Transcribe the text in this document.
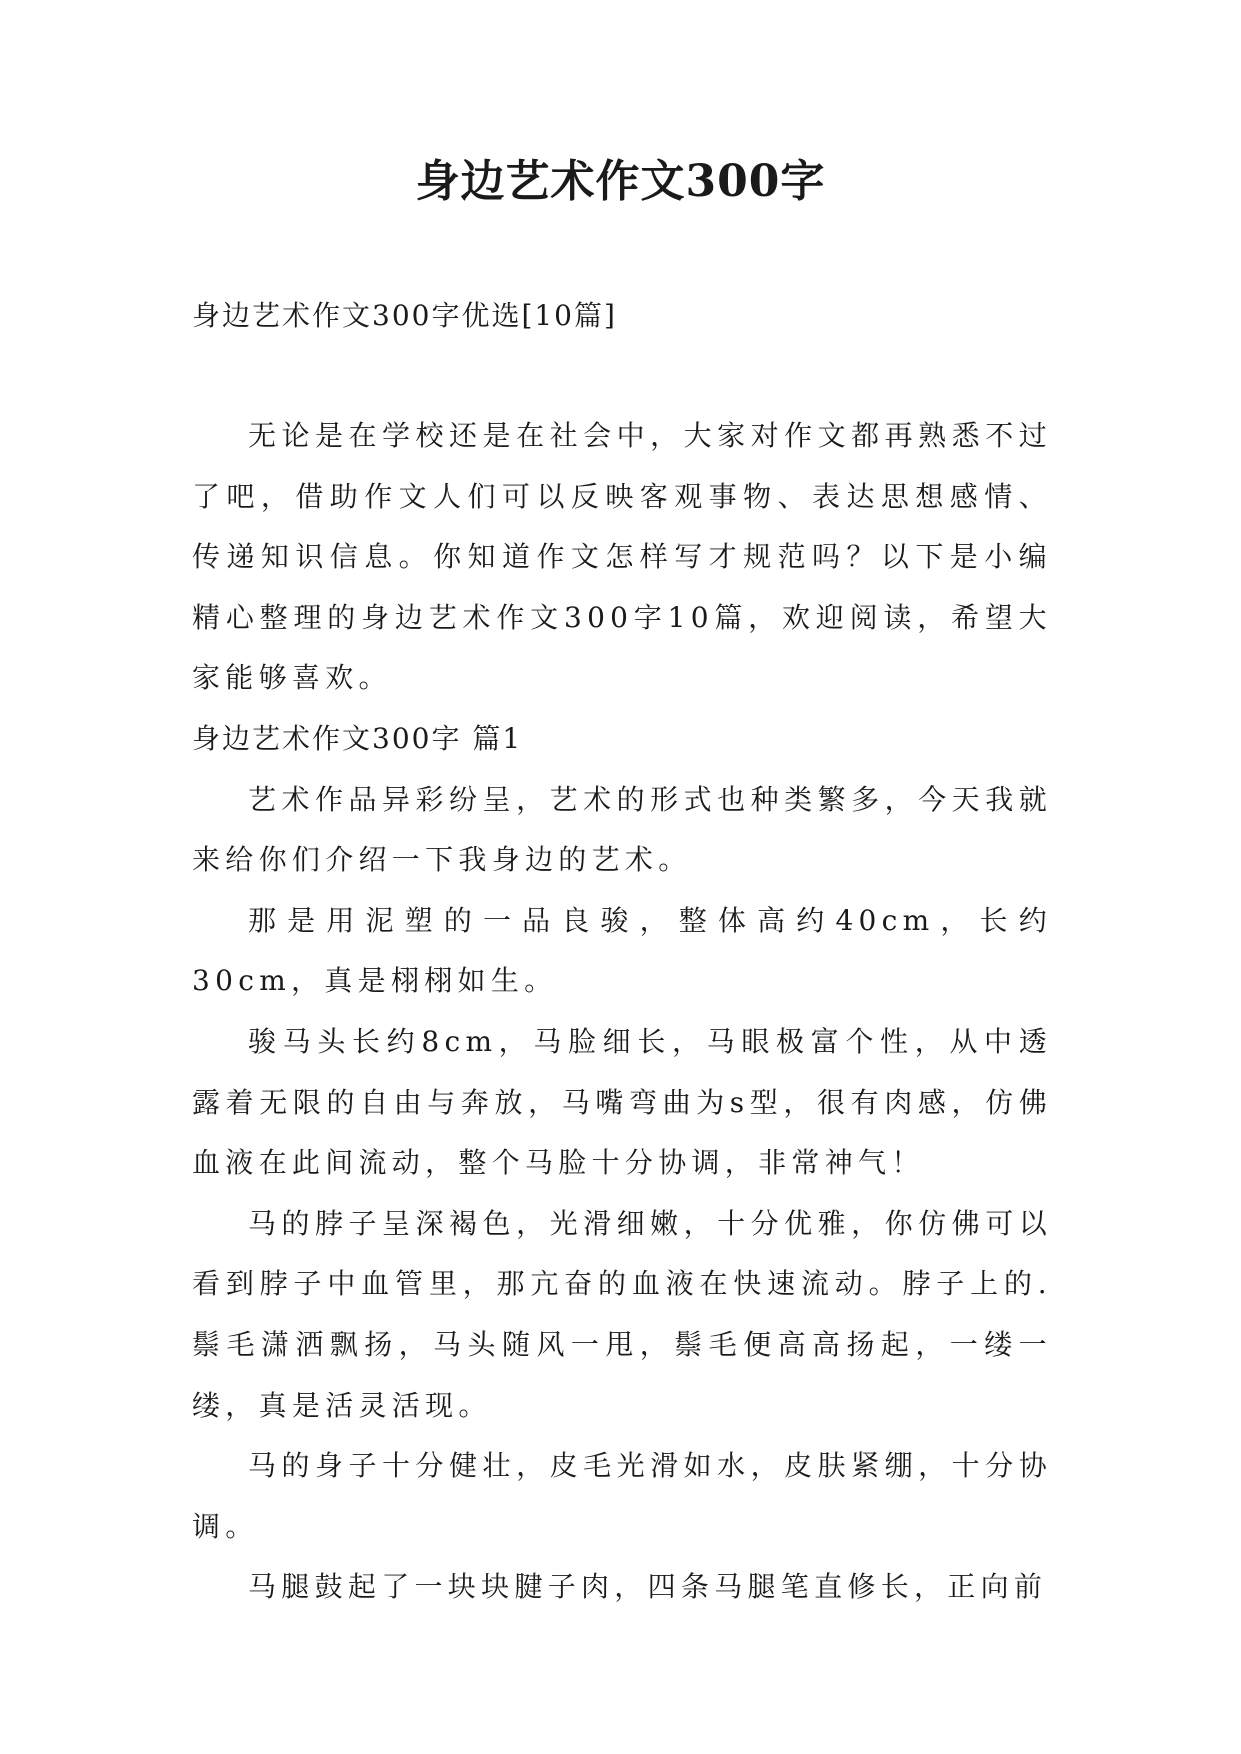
身边艺术作文300字
身边艺术作文300字优选[10篇]

无论是在学校还是在社会中，大家对作文都再熟悉不过了吧，借助作文人们可以反映客观事物、表达思想感情、传递知识信息。你知道作文怎样写才规范吗？以下是小编精心整理的身边艺术作文300字10篇，欢迎阅读，希望大家能够喜欢。

身边艺术作文300字 篇1

艺术作品异彩纷呈，艺术的形式也种类繁多，今天我就来给你们介绍一下我身边的艺术。

那是用泥塑的一品良骏，整体高约40cm，长约30cm，真是栩栩如生。

骏马头长约8cm，马脸细长，马眼极富个性，从中透露着无限的自由与奔放，马嘴弯曲为s型，很有肉感，仿佛血液在此间流动，整个马脸十分协调，非常神气！

马的脖子呈深褐色，光滑细嫩，十分优雅，你仿佛可以看到脖子中血管里，那亢奋的血液在快速流动。脖子上的.鬃毛潇洒飘扬，马头随风一甩，鬃毛便高高扬起，一缕一缕，真是活灵活现。

马的身子十分健壮，皮毛光滑如水，皮肤紧绷，十分协调。

马腿鼓起了一块块腱子肉，四条马腿笔直修长，正向前
